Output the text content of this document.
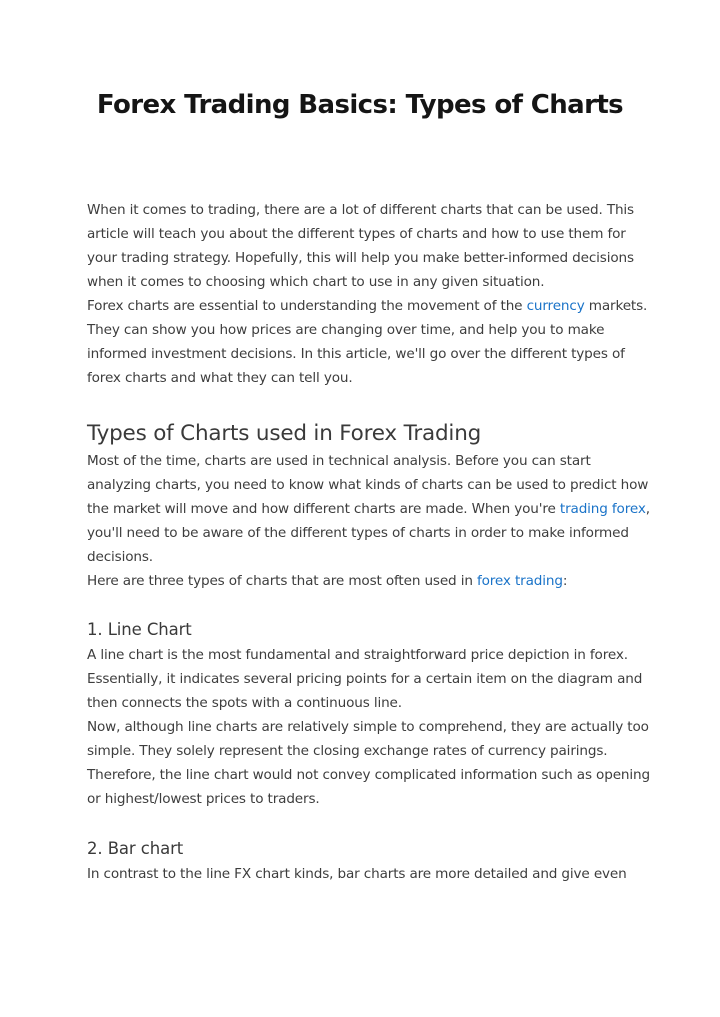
Forex Trading Basics: Types of Charts

When it comes to trading, there are a lot of different charts that can be used. This article will teach you about the different types of charts and how to use them for your trading strategy. Hopefully, this will help you make better-informed decisions when it comes to choosing which chart to use in any given situation.

Forex charts are essential to understanding the movement of the currency markets. They can show you how prices are changing over time, and help you to make informed investment decisions. In this article, we'll go over the different types of forex charts and what they can tell you.

Types of Charts used in Forex Trading

Most of the time, charts are used in technical analysis. Before you can start analyzing charts, you need to know what kinds of charts can be used to predict how the market will move and how different charts are made. When you're trading forex, you'll need to be aware of the different types of charts in order to make informed decisions.

Here are three types of charts that are most often used in forex trading:

1. Line Chart

A line chart is the most fundamental and straightforward price depiction in forex. Essentially, it indicates several pricing points for a certain item on the diagram and then connects the spots with a continuous line.

Now, although line charts are relatively simple to comprehend, they are actually too simple. They solely represent the closing exchange rates of currency pairings. Therefore, the line chart would not convey complicated information such as opening or highest/lowest prices to traders.

2. Bar chart

In contrast to the line FX chart kinds, bar charts are more detailed and give even
